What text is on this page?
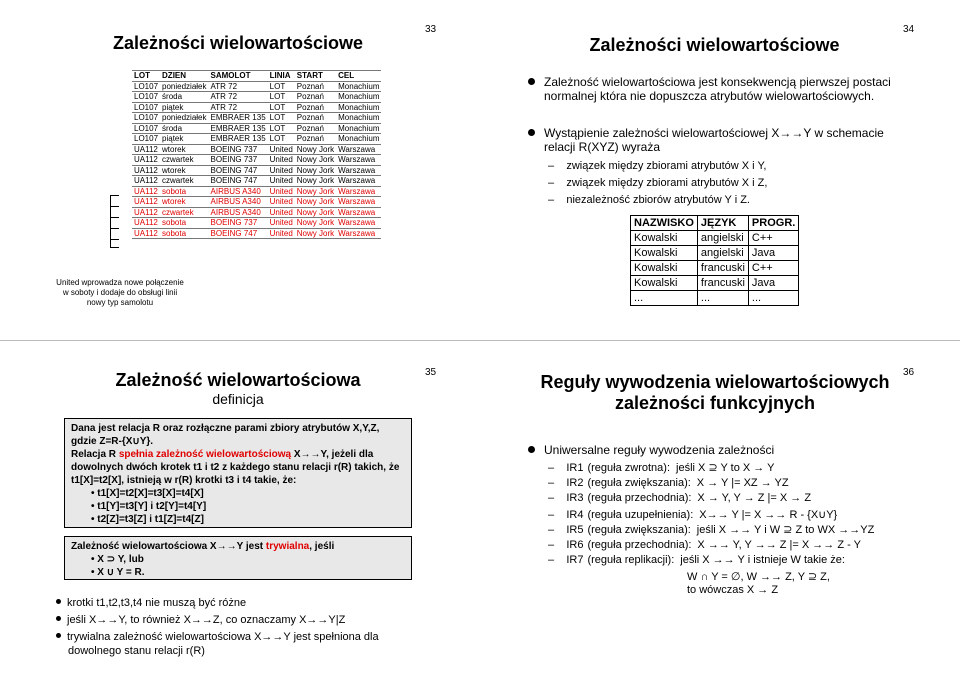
33
Zależności wielowartościowe
LOT	DZIEN	SAMOLOT	LINIA	START	CEL
LO107	poniedziałek	ATR 72	LOT	Poznań	Monachium
LO107	środa	ATR 72	LOT	Poznań	Monachium
LO107	piątek	ATR 72	LOT	Poznań	Monachium
LO107	poniedziałek	EMBRAER 135	LOT	Poznań	Monachium
LO107	środa	EMBRAER 135	LOT	Poznań	Monachium
LO107	piątek	EMBRAER 135	LOT	Poznań	Monachium
UA112	wtorek	BOEING 737	United	Nowy Jork	Warszawa
UA112	czwartek	BOEING 737	United	Nowy Jork	Warszawa
UA112	wtorek	BOEING 747	United	Nowy Jork	Warszawa
UA112	czwartek	BOEING 747	United	Nowy Jork	Warszawa
UA112	sobota	AIRBUS A340	United	Nowy Jork	Warszawa
UA112	wtorek	AIRBUS A340	United	Nowy Jork	Warszawa
UA112	czwartek	AIRBUS A340	United	Nowy Jork	Warszawa
UA112	sobota	BOEING 737	United	Nowy Jork	Warszawa
UA112	sobota	BOEING 747	United	Nowy Jork	Warszawa
United wprowadza nowe połączenie
w soboty i dodaje do obsługi linii
nowy typ samolotu
34
Zależności wielowartościowe

Zależność wielowartościowa jest konsekwencją pierwszej postaci normalnej która nie dopuszcza atrybutów wielowartościowych.

Wystąpienie zależności wielowartościowej X→→Y w schemacie relacji R(XYZ) wyraża

–    związek między zbiorami atrybutów X i Y,
–    związek między zbiorami atrybutów X i Z,
–    niezależność zbiorów atrybutów Y i Z.
NAZWISKO	JĘZYK	PROGR.
Kowalski	angielski	C++
Kowalski	angielski	Java
Kowalski	francuski	C++
Kowalski	francuski	Java
...	...	...
35
Zależność wielowartościowa
definicja

Dana jest relacja R oraz rozłączne parami zbiory atrybutów X,Y,Z, gdzie Z=R-{X∪Y}.

Relacja R spełnia zależność wielowartościową X→→Y, jeżeli dla dowolnych dwóch krotek t1 i t2 z każdego stanu relacji r(R) takich, że t1[X]=t2[X], istnieją w r(R) krotki t3 i t4 takie, że:

• t1[X]=t2[X]=t3[X]=t4[X]

• t1[Y]=t3[Y] i t2[Y]=t4[Y]

• t2[Z]=t3[Z] i t1[Z]=t4[Z]

Zależność wielowartościowa X→→Y jest trywialna, jeśli

• X ⊃ Y, lub

• X ∪ Y = R.

krotki t1,t2,t3,t4 nie muszą być różne
jeśli X→→Y, to również X→→Z, co oznaczamy X→→Y|Z
trywialna zależność wielowartościowa X→→Y jest spełniona dla dowolnego stanu relacji r(R)
36
Reguły wywodzenia wielowartościowych
zależności funkcyjnych

Uniwersalne reguły wywodzenia zależności

–    IR1 (reguła zwrotna): jeśli X ⊇ Y to X → Y
–    IR2 (reguła zwiększania): X → Y |= XZ → YZ
–    IR3 (reguła przechodnia): X → Y, Y → Z |= X → Z
–    IR4 (reguła uzupełnienia): X→→ Y |= X →→ R - {X∪Y}
–    IR5 (reguła zwiększania): jeśli X →→ Y i W ⊇ Z to WX →→YZ
–    IR6 (reguła przechodnia): X →→ Y, Y →→ Z |= X →→ Z - Y
–    IR7 (reguła replikacji): jeśli X →→ Y i istnieje W takie że:
W ∩ Y = ∅, W →→ Z, Y ⊇ Z,
to wówczas X → Z
